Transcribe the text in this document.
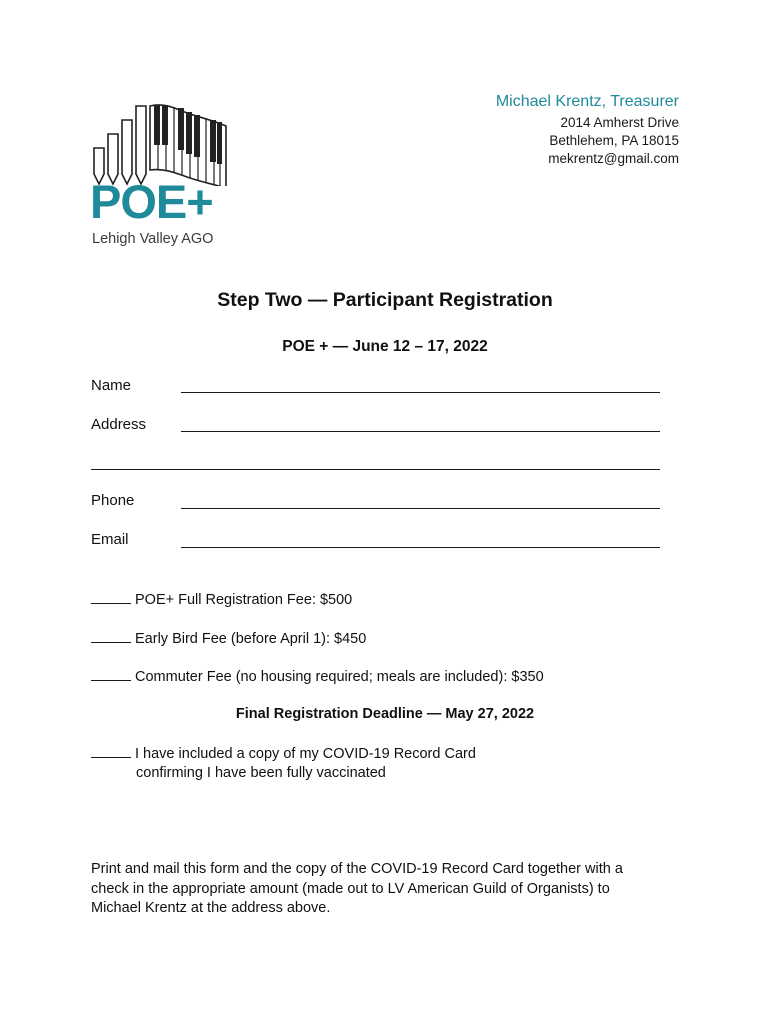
POE+
Lehigh Valley AGO
Michael Krentz, Treasurer
2014 Amherst Drive
Bethlehem, PA 18015
mekrentz@gmail.com
Step Two — Participant Registration
POE + — June 12 – 17, 2022
Name
Address
Phone
Email
POE+ Full Registration Fee: $500
Early Bird Fee (before April 1): $450
Commuter Fee (no housing required; meals are included): $350
Final Registration Deadline — May 27, 2022
I have included a copy of my COVID-19 Record Card
confirming I have been fully vaccinated
Print and mail this form and the copy of the COVID-19 Record Card together with a check in the appropriate amount (made out to LV American Guild of Organists) to Michael Krentz at the address above.
